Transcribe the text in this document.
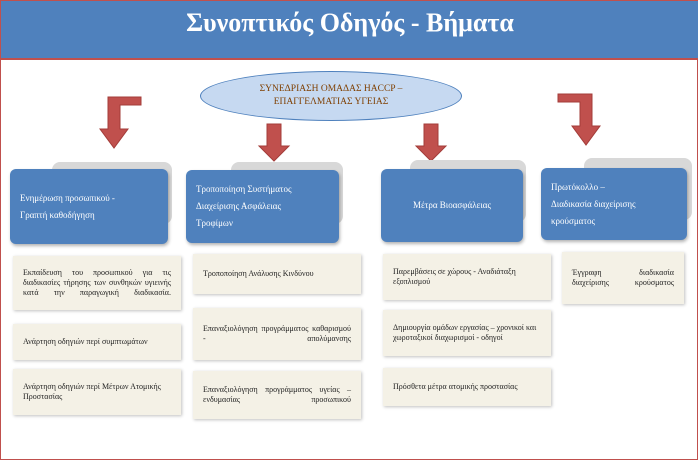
Συνοπτικός Οδηγός - Βήματα
ΣΥΝΕΔΡΙΑΣΗ ΟΜΑΔΑΣ HACCP –
ΕΠΑΓΓΕΛΜΑΤΙΑΣ ΥΓΕΙΑΣ
Ενημέρωση προσωπικού -
Γραπτή καθοδήγηση
Εκπαίδευση του προσωπικού για τις διαδικασίες τήρησης των συνθηκών υγιεινής κατά την παραγωγική διαδικασία.
Ανάρτηση οδηγιών περί συμπτωμάτων
Ανάρτηση οδηγιών περί Μέτρων Ατομικής Προστασίας
Τροποποίηση Συστήματος
Διαχείρισης Ασφάλειας
Τροφίμων
Τροποποίηση Ανάλυσης Κινδύνου
Επαναξιολόγηση προγράμματος καθαρισμού - απολύμανσης
Επαναξιολόγηση προγράμματος υγείας – ενδυμασίας προσωπικού
Μέτρα Βιοασφάλειας
Παρεμβάσεις σε χώρους - Αναδιάταξη εξοπλισμού
Δημιουργία ομάδων εργασίας – χρονικοί και χωροταξικοί διαχωρισμοί - οδηγοί
Πρόσθετα μέτρα ατομικής προστασίας
Πρωτόκολλο –
Διαδικασία διαχείρισης
κρούσματος
Έγγραφη διαδικασία διαχείρισης κρούσματος
